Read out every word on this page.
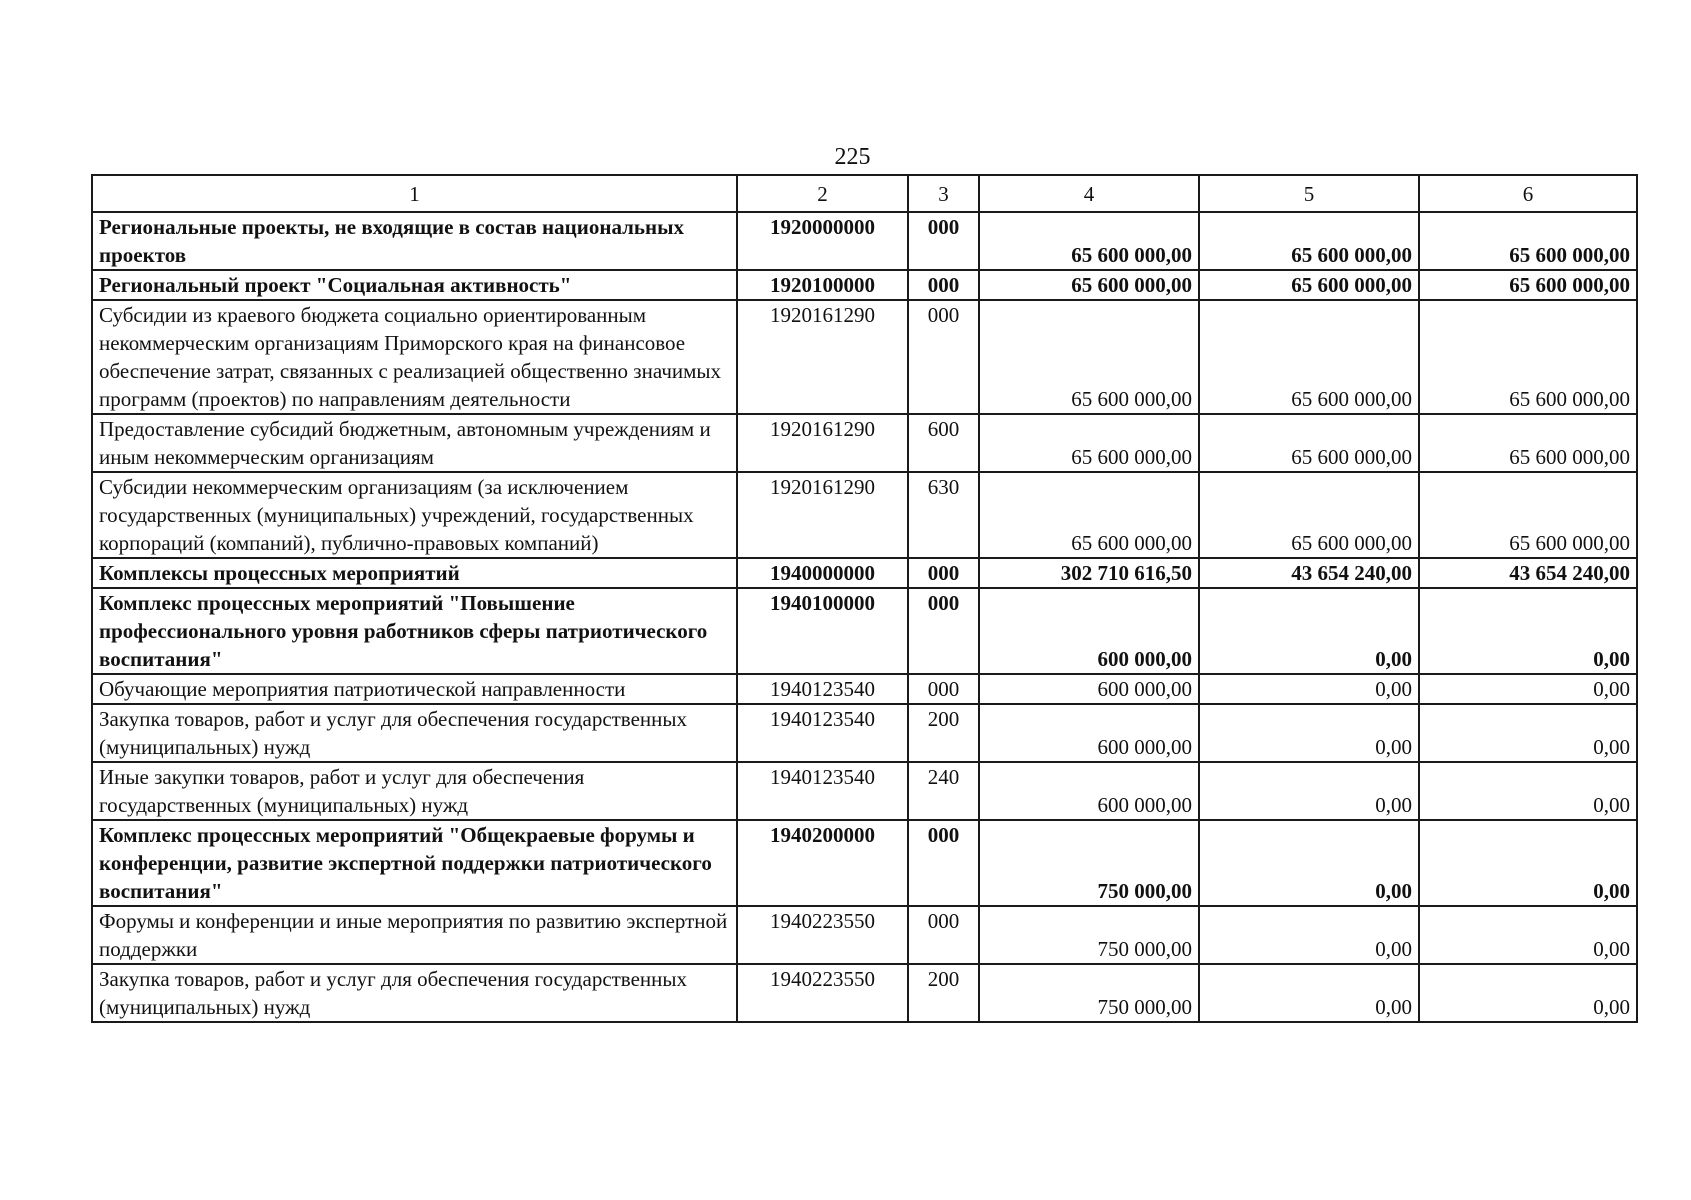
225
1	2	3	4	5	6
Региональные проекты, не входящие в состав национальных проектов	1920000000	000	65 600 000,00	65 600 000,00	65 600 000,00
Региональный проект "Социальная активность"	1920100000	000	65 600 000,00	65 600 000,00	65 600 000,00
Субсидии из краевого бюджета социально ориентированным некоммерческим организациям Приморского края на финансовое обеспечение затрат, связанных с реализацией общественно значимых программ (проектов) по направлениям деятельности	1920161290	000	65 600 000,00	65 600 000,00	65 600 000,00
Предоставление субсидий бюджетным, автономным учреждениям и иным некоммерческим организациям	1920161290	600	65 600 000,00	65 600 000,00	65 600 000,00
Субсидии некоммерческим организациям (за исключением государственных (муниципальных) учреждений, государственных корпораций (компаний), публично-правовых компаний)	1920161290	630	65 600 000,00	65 600 000,00	65 600 000,00
Комплексы процессных мероприятий	1940000000	000	302 710 616,50	43 654 240,00	43 654 240,00
Комплекс процессных мероприятий "Повышение профессионального уровня работников сферы патриотического воспитания"	1940100000	000	600 000,00	0,00	0,00
Обучающие мероприятия патриотической направленности	1940123540	000	600 000,00	0,00	0,00
Закупка товаров, работ и услуг для обеспечения государственных (муниципальных) нужд	1940123540	200	600 000,00	0,00	0,00
Иные закупки товаров, работ и услуг для обеспечения государственных (муниципальных) нужд	1940123540	240	600 000,00	0,00	0,00
Комплекс процессных мероприятий "Общекраевые форумы и конференции, развитие экспертной поддержки патриотического воспитания"	1940200000	000	750 000,00	0,00	0,00
Форумы и конференции и иные мероприятия по развитию экспертной поддержки	1940223550	000	750 000,00	0,00	0,00
Закупка товаров, работ и услуг для обеспечения государственных (муниципальных) нужд	1940223550	200	750 000,00	0,00	0,00
